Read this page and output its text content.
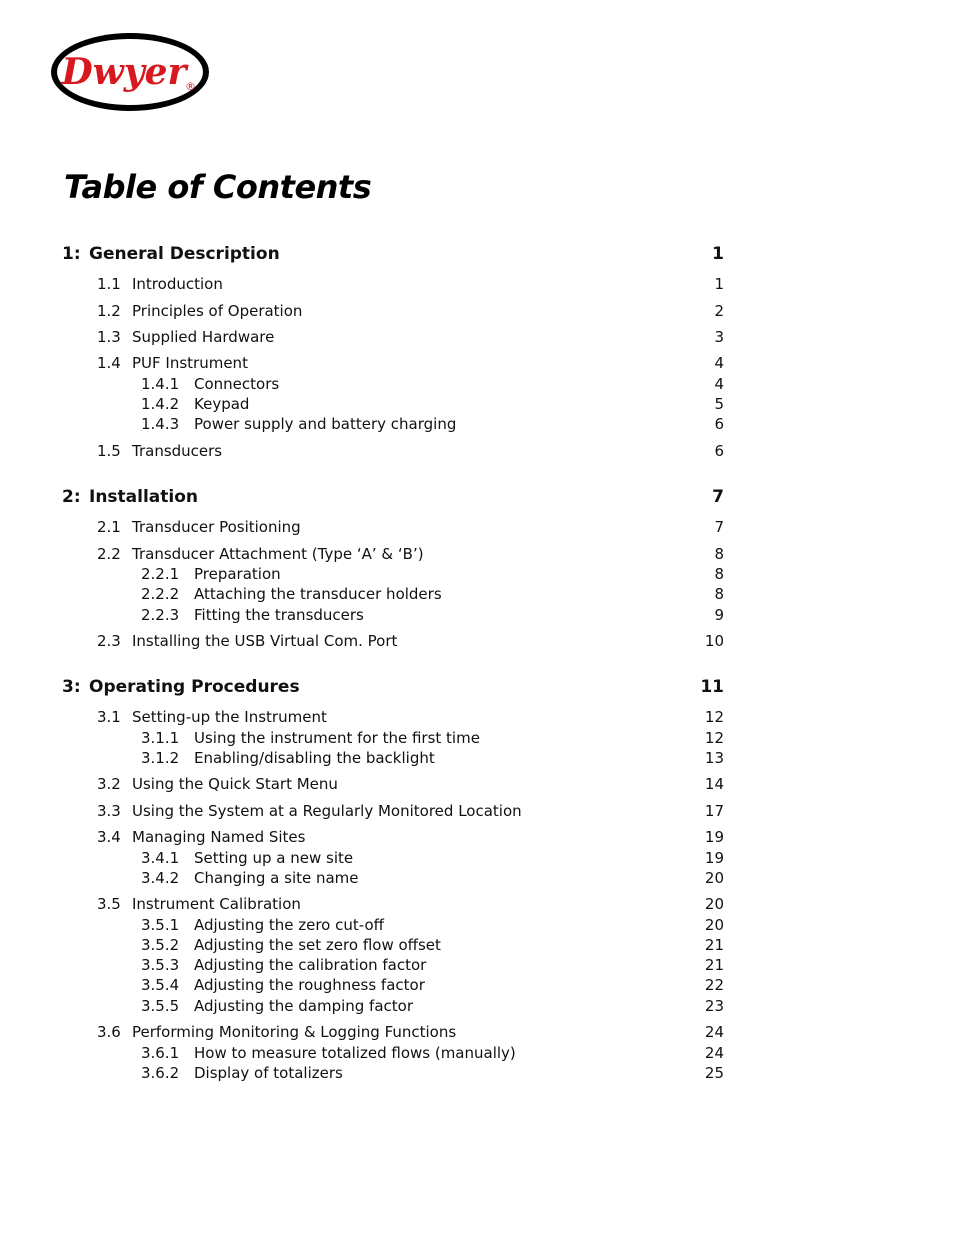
Dwyer
®
Table of Contents
1: General Description	1
1.1 Introduction	1
1.2 Principles of Operation	2
1.3 Supplied Hardware	3
1.4 PUF Instrument	4
1.4.1 Connectors	4
1.4.2 Keypad	5
1.4.3 Power supply and battery charging	6
1.5 Transducers	6
2: Installation	7
2.1 Transducer Positioning	7
2.2 Transducer Attachment (Type ‘A’ & ‘B’)	8
2.2.1 Preparation	8
2.2.2 Attaching the transducer holders	8
2.2.3 Fitting the transducers	9
2.3 Installing the USB Virtual Com. Port	10
3: Operating Procedures	11
3.1 Setting-up the Instrument	12
3.1.1 Using the instrument for the first time	12
3.1.2 Enabling/disabling the backlight	13
3.2 Using the Quick Start Menu	14
3.3 Using the System at a Regularly Monitored Location	17
3.4 Managing Named Sites	19
3.4.1 Setting up a new site	19
3.4.2 Changing a site name	20
3.5 Instrument Calibration	20
3.5.1 Adjusting the zero cut-off	20
3.5.2 Adjusting the set zero flow offset	21
3.5.3 Adjusting the calibration factor	21
3.5.4 Adjusting the roughness factor	22
3.5.5 Adjusting the damping factor	23
3.6 Performing Monitoring & Logging Functions	24
3.6.1 How to measure totalized flows (manually)	24
3.6.2 Display of totalizers	25
